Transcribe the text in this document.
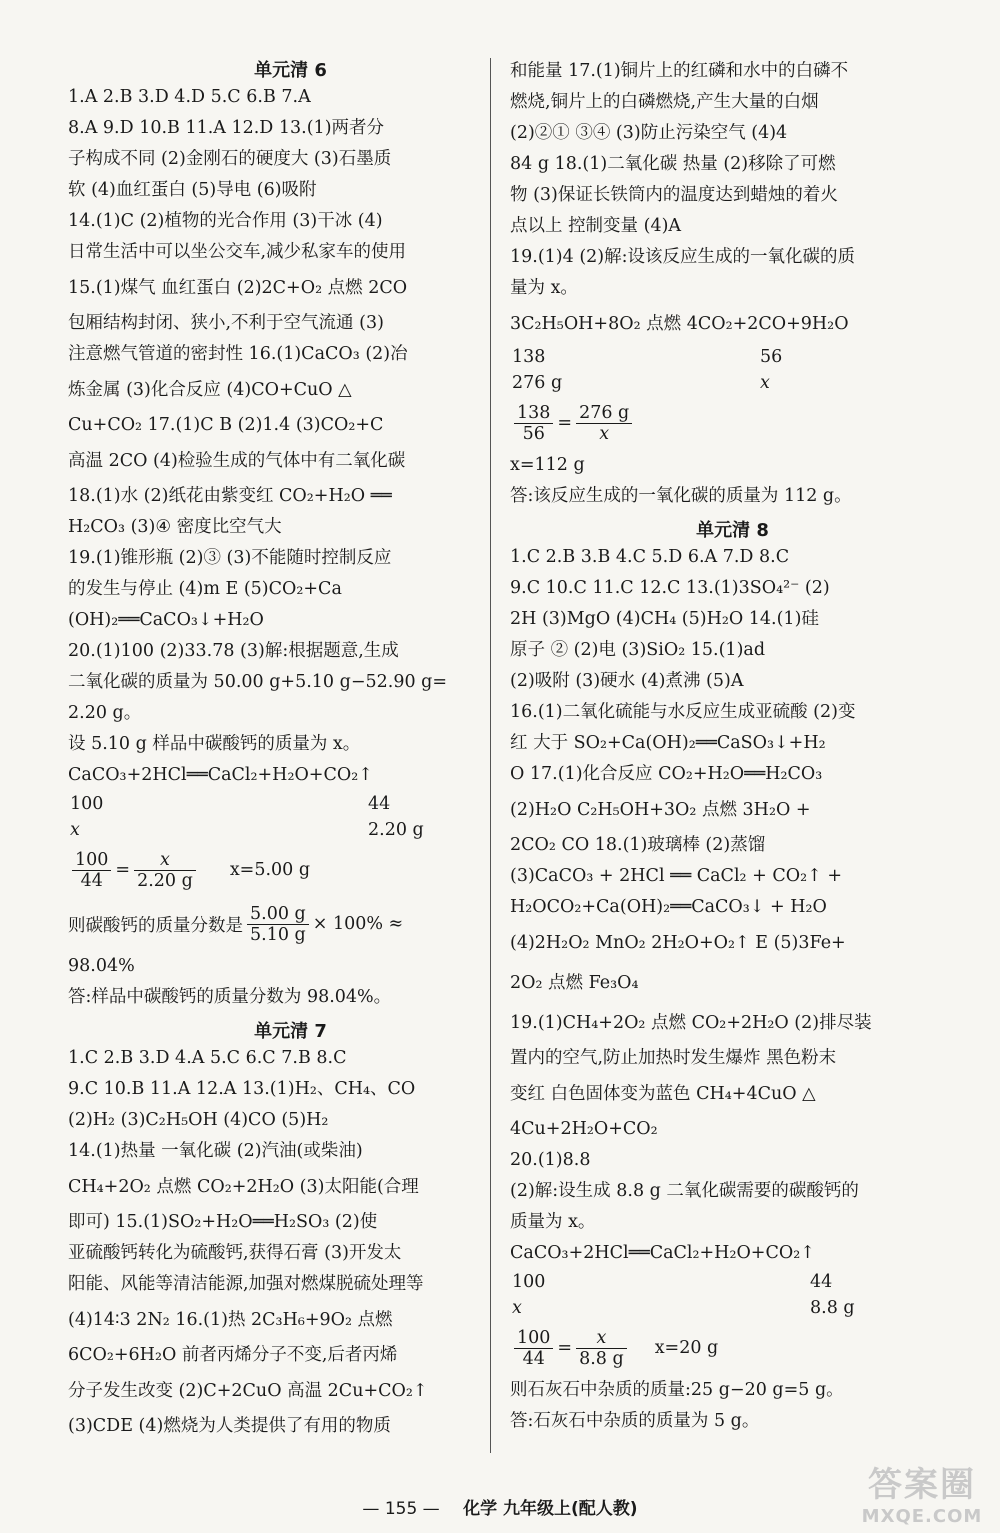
单元清 6

1.A 2.B 3.D 4.D 5.C 6.B 7.A

8.A 9.D 10.B 11.A 12.D 13.(1)两者分

子构成不同 (2)金刚石的硬度大 (3)石墨质

软 (4)血红蛋白 (5)导电 (6)吸附

14.(1)C (2)植物的光合作用 (3)干冰 (4)

日常生活中可以坐公交车,减少私家车的使用

15.(1)煤气 血红蛋白 (2)2C+O₂ 点燃 2CO

包厢结构封闭、狭小,不利于空气流通 (3)

注意燃气管道的密封性 16.(1)CaCO₃ (2)冶

炼金属 (3)化合反应 (4)CO+CuO △

Cu+CO₂ 17.(1)C B (2)1.4 (3)CO₂+C

高温 2CO (4)检验生成的气体中有二氧化碳

18.(1)水 (2)纸花由紫变红 CO₂+H₂O ══

H₂CO₃ (3)④ 密度比空气大

19.(1)锥形瓶 (2)③ (3)不能随时控制反应

的发生与停止 (4)m E (5)CO₂+Ca

(OH)₂══CaCO₃↓+H₂O

20.(1)100 (2)33.78 (3)解:根据题意,生成

二氧化碳的质量为 50.00 g+5.10 g−52.90 g=

2.20 g。

设 5.10 g 样品中碳酸钙的质量为 x。

CaCO₃+2HCl══CaCl₂+H₂O+CO₂↑

100	44
x	2.20 g
$\frac{100}{44} = \frac{x}{2.20 g} x=5.00$ g
则碳酸钙的质量分数是 $\frac{5.00 g}{5.10 g} \times 100\%$ ≈

98.04%

答:样品中碳酸钙的质量分数为 98.04%。

单元清 7

1.C 2.B 3.D 4.A 5.C 6.C 7.B 8.C

9.C 10.B 11.A 12.A 13.(1)H₂、CH₄、CO

(2)H₂ (3)C₂H₅OH (4)CO (5)H₂

14.(1)热量 一氧化碳 (2)汽油(或柴油)

CH₄+2O₂ 点燃 CO₂+2H₂O (3)太阳能(合理

即可) 15.(1)SO₂+H₂O══H₂SO₃ (2)使

亚硫酸钙转化为硫酸钙,获得石膏 (3)开发太

阳能、风能等清洁能源,加强对燃煤脱硫处理等

(4)14∶3 2N₂ 16.(1)热 2C₃H₆+9O₂ 点燃

6CO₂+6H₂O 前者丙烯分子不变,后者丙烯

分子发生改变 (2)C+2CuO 高温 2Cu+CO₂↑

(3)CDE (4)燃烧为人类提供了有用的物质

和能量 17.(1)铜片上的红磷和水中的白磷不

燃烧,铜片上的白磷燃烧,产生大量的白烟

(2)②① ③④ (3)防止污染空气 (4)4

84 g 18.(1)二氧化碳 热量 (2)移除了可燃

物 (3)保证长铁筒内的温度达到蜡烛的着火

点以上 控制变量 (4)A

19.(1)4 (2)解:设该反应生成的一氧化碳的质

量为 x。

3C₂H₅OH+8O₂ 点燃 4CO₂+2CO+9H₂O

138	56
276 g	x
$\frac{138}{56} = \frac{276 g}{x}$

x=112 g

答:该反应生成的一氧化碳的质量为 112 g。

单元清 8

1.C 2.B 3.B 4.C 5.D 6.A 7.D 8.C

9.C 10.C 11.C 12.C 13.(1)3SO₄²⁻ (2)

2H (3)MgO (4)CH₄ (5)H₂O 14.(1)硅

原子 ② (2)电 (3)SiO₂ 15.(1)ad

(2)吸附 (3)硬水 (4)煮沸 (5)A

16.(1)二氧化硫能与水反应生成亚硫酸 (2)变

红 大于 SO₂+Ca(OH)₂══CaSO₃↓+H₂

O 17.(1)化合反应 CO₂+H₂O══H₂CO₃

(2)H₂O C₂H₅OH+3O₂ 点燃 3H₂O +

2CO₂ CO 18.(1)玻璃棒 (2)蒸馏

(3)CaCO₃ + 2HCl ══ CaCl₂ + CO₂↑ +

H₂OCO₂+Ca(OH)₂══CaCO₃↓ + H₂O

(4)2H₂O₂ MnO₂ 2H₂O+O₂↑ E (5)3Fe+

2O₂ 点燃 Fe₃O₄

19.(1)CH₄+2O₂ 点燃 CO₂+2H₂O (2)排尽装

置内的空气,防止加热时发生爆炸 黑色粉末

变红 白色固体变为蓝色 CH₄+4CuO △

4Cu+2H₂O+CO₂

20.(1)8.8

(2)解:设生成 8.8 g 二氧化碳需要的碳酸钙的

质量为 x。

CaCO₃+2HCl══CaCl₂+H₂O+CO₂↑

100	44
x	8.8 g
$\frac{100}{44} = \frac{x}{8.8 g} x=20$ g

则石灰石中杂质的质量:25 g−20 g=5 g。

答:石灰石中杂质的质量为 5 g。

— 155 — 化学 九年级上(配人教)
答案圈
MXQE.COM
